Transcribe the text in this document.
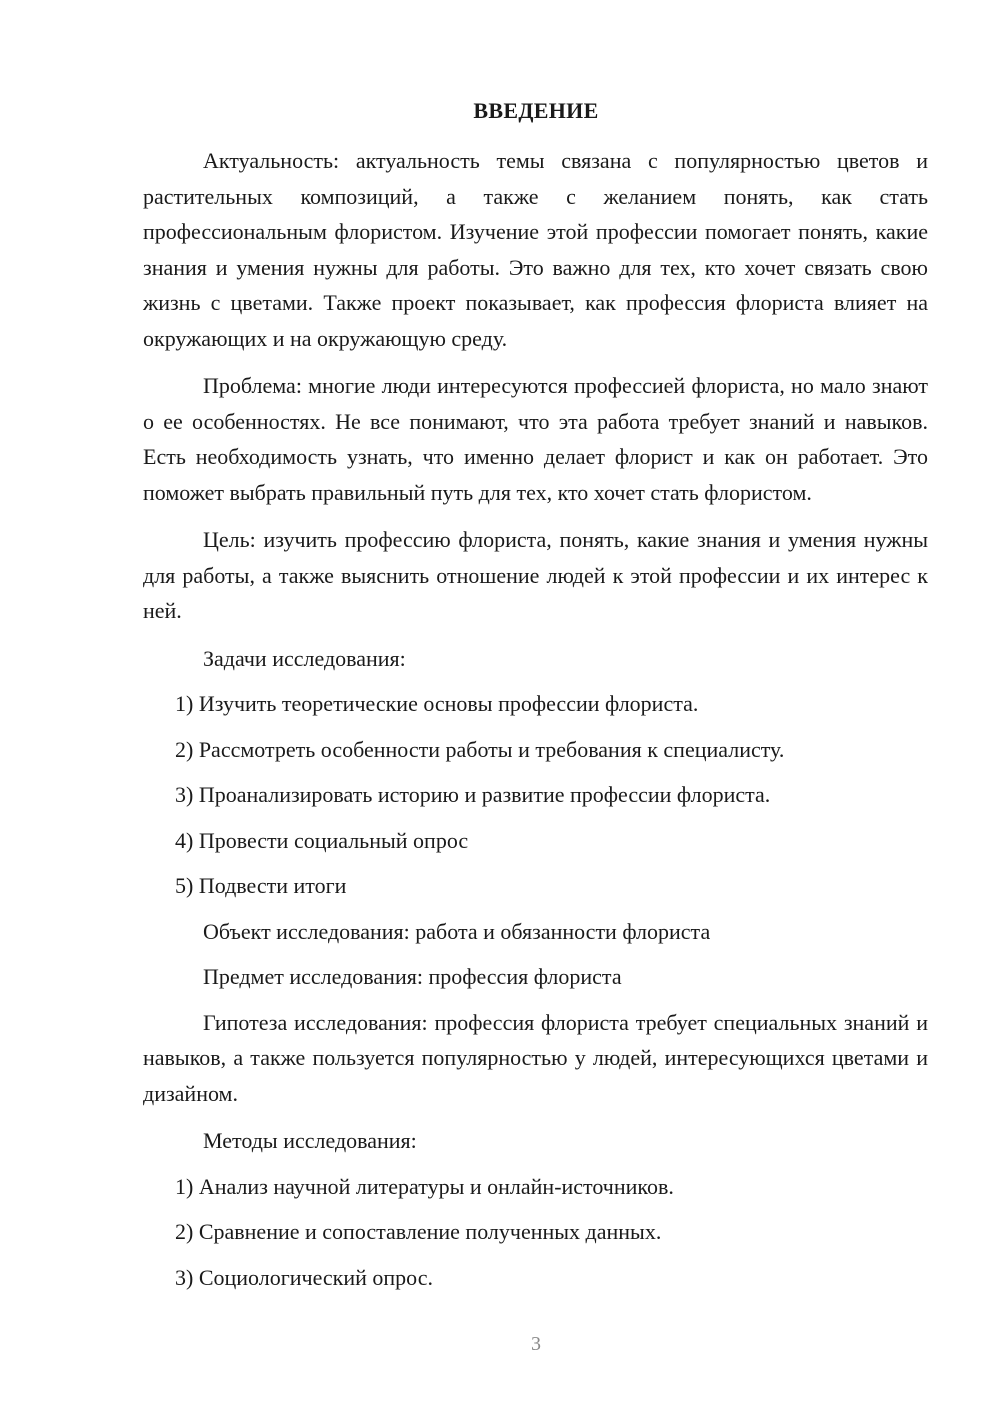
ВВЕДЕНИЕ

Актуальность: актуальность темы связана с популярностью цветов и растительных композиций, а также с желанием понять, как стать профессиональным флористом. Изучение этой профессии помогает понять, какие знания и умения нужны для работы. Это важно для тех, кто хочет связать свою жизнь с цветами. Также проект показывает, как профессия флориста влияет на окружающих и на окружающую среду.

Проблема: многие люди интересуются профессией флориста, но мало знают о ее особенностях. Не все понимают, что эта работа требует знаний и навыков. Есть необходимость узнать, что именно делает флорист и как он работает. Это поможет выбрать правильный путь для тех, кто хочет стать флористом.

Цель: изучить профессию флориста, понять, какие знания и умения нужны для работы, а также выяснить отношение людей к этой профессии и их интерес к ней.

Задачи исследования:

1) Изучить теоретические основы профессии флориста.

2) Рассмотреть особенности работы и требования к специалисту.

3) Проанализировать историю и развитие профессии флориста.

4) Провести социальный опрос

5) Подвести итоги

Объект исследования: работа и обязанности флориста

Предмет исследования: профессия флориста

Гипотеза исследования: профессия флориста требует специальных знаний и навыков, а также пользуется популярностью у людей, интересующихся цветами и дизайном.

Методы исследования:

1) Анализ научной литературы и онлайн-источников.

2) Сравнение и сопоставление полученных данных.

3) Социологический опрос.

3
